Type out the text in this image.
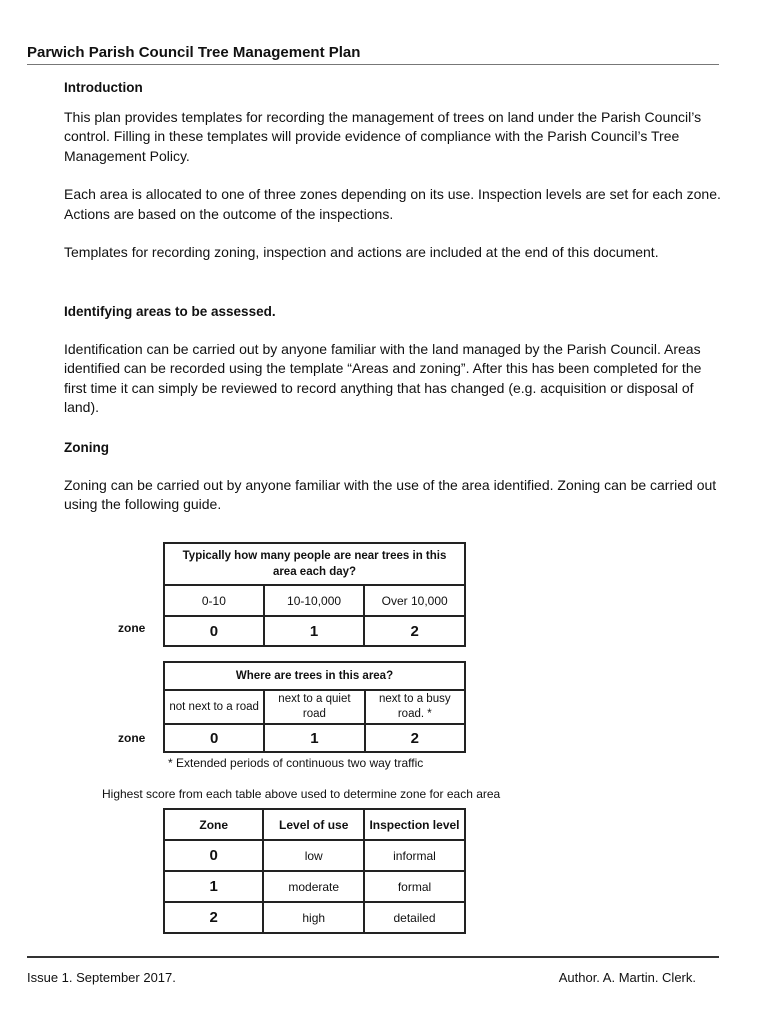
Parwich Parish Council Tree Management Plan
Introduction

This plan provides templates for recording the management of trees on land under the Parish Council’s control. Filling in these templates will provide evidence of compliance with the Parish Council’s Tree Management Policy.

Each area is allocated to one of three zones depending on its use. Inspection levels are set for each zone. Actions are based on the outcome of the inspections.

Templates for recording zoning, inspection and actions are included at the end of this document.

Identifying areas to be assessed.

Identification can be carried out by anyone familiar with the land managed by the Parish Council. Areas identified can be recorded using the template “Areas and zoning”. After this has been completed for the first time it can simply be reviewed to record anything that has changed (e.g. acquisition or disposal of land).

Zoning

Zoning can be carried out by anyone familiar with the use of the area identified. Zoning can be carried out using the following guide.

Typically how many people are near trees in this area each day?		
0-10	10-10,000	Over 10,000
0	1	2
zone
Where are trees in this area?		
not next to a road	next to a quiet road	next to a busy road. *
0	1	2
zone
* Extended periods of continuous two way traffic
Highest score from each table above used to determine zone for each area
Zone	Level of use	Inspection level
0	low	informal
1	moderate	formal
2	high	detailed
Issue 1. September 2017.	Author. A. Martin. Clerk.
